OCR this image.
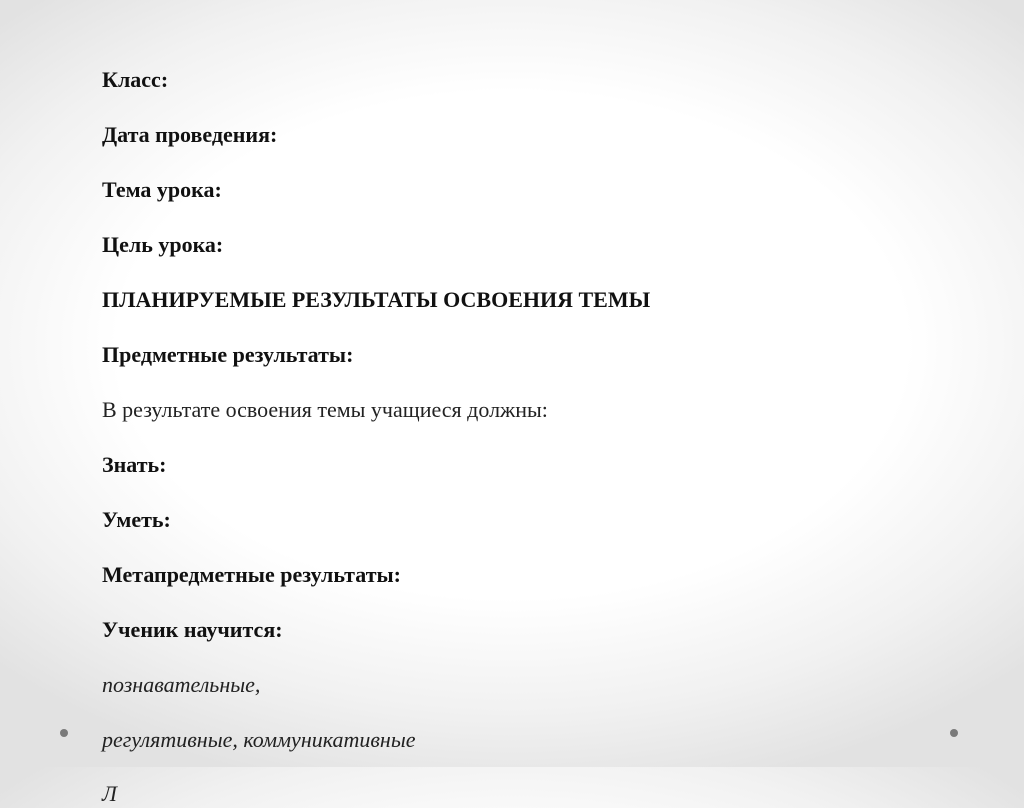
Класс:
Дата проведения:
Тема урока:
Цель урока:
ПЛАНИРУЕМЫЕ РЕЗУЛЬТАТЫ ОСВОЕНИЯ ТЕМЫ
Предметные результаты:
В результате освоения темы учащиеся должны:
Знать:
Уметь:
Метапредметные результаты:
Ученик научится:
познавательные,
регулятивные, коммуникативные
Л
